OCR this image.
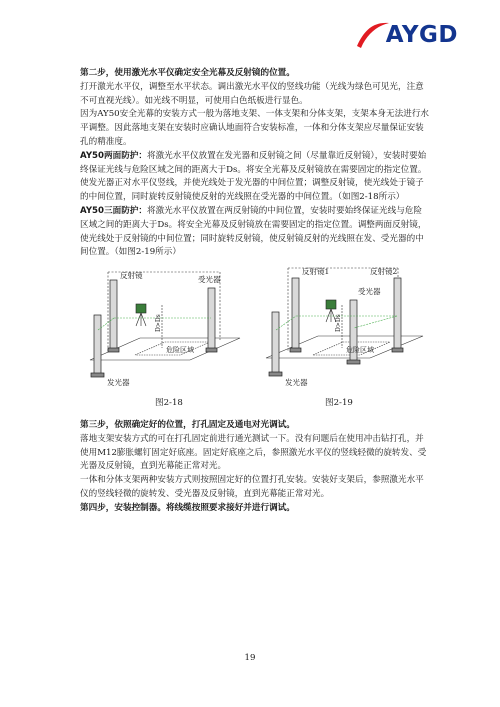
AYGD

第二步，使用激光水平仪确定安全光幕及反射镜的位置。

打开激光水平仪，调整至水平状态。调出激光水平仪的竖线功能（光线为绿色可见光，注意不可直视光线）。如光线不明显，可使用白色纸板进行显色。

因为AY50安全光幕的安装方式一般为落地支架、一体支架和分体支架，支架本身无法进行水平调整。因此落地支架在安装时应确认地面符合安装标准，一体和分体支架应尽量保证安装孔的精准度。

AY50两面防护：将激光水平仪放置在发光器和反射镜之间（尽量靠近反射镜），安装时要始终保证光线与危险区域之间的距离大于Ds。将安全光幕及反射镜放在需要固定的指定位置。使发光器正对水平仪竖线，并使光线处于发光器的中间位置；调整反射镜，使光线处于镜子的中间位置，同时旋转反射镜使反射的光线照在受光器的中间位置。（如图2-18所示）

AY50三面防护：将激光水平仪放置在两反射镜的中间位置，安装时要始终保证光线与危险区域之间的距离大于Ds。将安全光幕及反射镜放在需要固定的指定位置。调整两面反射镜，使光线处于反射镜的中间位置；同时旋转反射镜，使反射镜反射的光线照在发、受光器的中间位置。（如图2-19所示）

反射镜	受光器
发光器
危险区域
D>Ds
反射镜1	反射镜2
受光器
发光器
危险区域
D>Ds
图2-18	图2-19

第三步，依照确定好的位置，打孔固定及通电对光调试。

落地支架安装方式的可在打孔固定前进行通光测试一下。没有问题后在使用冲击钻打孔，并使用M12膨胀螺钉固定好底座。固定好底座之后，参照激光水平仪的竖线轻微的旋转发、受光器及反射镜，直到光幕能正常对光。

一体和分体支架两种安装方式则按照固定好的位置打孔安装。安装好支架后，参照激光水平仪的竖线轻微的旋转发、受光器及反射镜，直到光幕能正常对光。

第四步，安装控制器。将线缆按照要求接好并进行调试。

19
